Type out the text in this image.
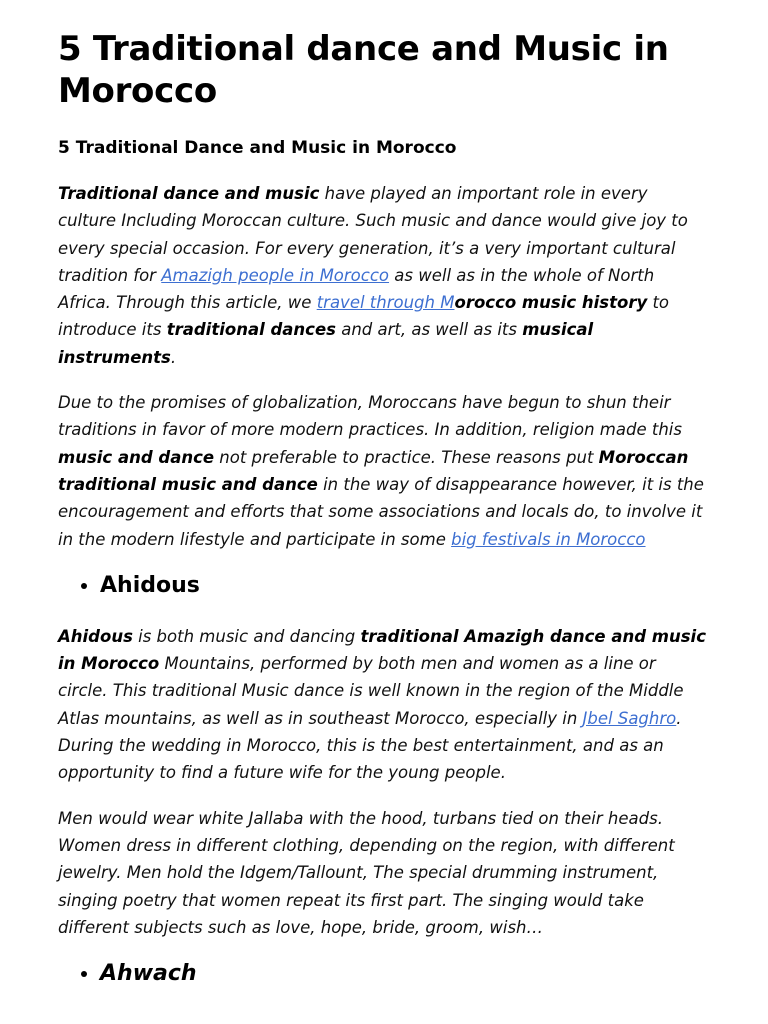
5 Traditional dance and Music in Morocco
5 Traditional Dance and Music in Morocco

Traditional dance and music have played an important role in every culture Including Moroccan culture. Such music and dance would give joy to every special occasion. For every generation, it’s a very important cultural tradition for Amazigh people in Morocco as well as in the whole of North Africa. Through this article, we travel through Morocco music history to introduce its traditional dances and art, as well as its musical instruments.

Due to the promises of globalization, Moroccans have begun to shun their traditions in favor of more modern practices. In addition, religion made this music and dance not preferable to practice. These reasons put Moroccan traditional music and dance in the way of disappearance however, it is the encouragement and efforts that some associations and locals do, to involve it in the modern lifestyle and participate in some big festivals in Morocco

• Ahidous

Ahidous is both music and dancing traditional Amazigh dance and music in Morocco Mountains, performed by both men and women as a line or circle. This traditional Music dance is well known in the region of the Middle Atlas mountains, as well as in southeast Morocco, especially in Jbel Saghro. During the wedding in Morocco, this is the best entertainment, and as an opportunity to find a future wife for the young people.

Men would wear white Jallaba with the hood, turbans tied on their heads. Women dress in different clothing, depending on the region, with different jewelry. Men hold the Idgem/Tallount, The special drumming instrument, singing poetry that women repeat its first part. The singing would take different subjects such as love, hope, bride, groom, wish…

• Ahwach
